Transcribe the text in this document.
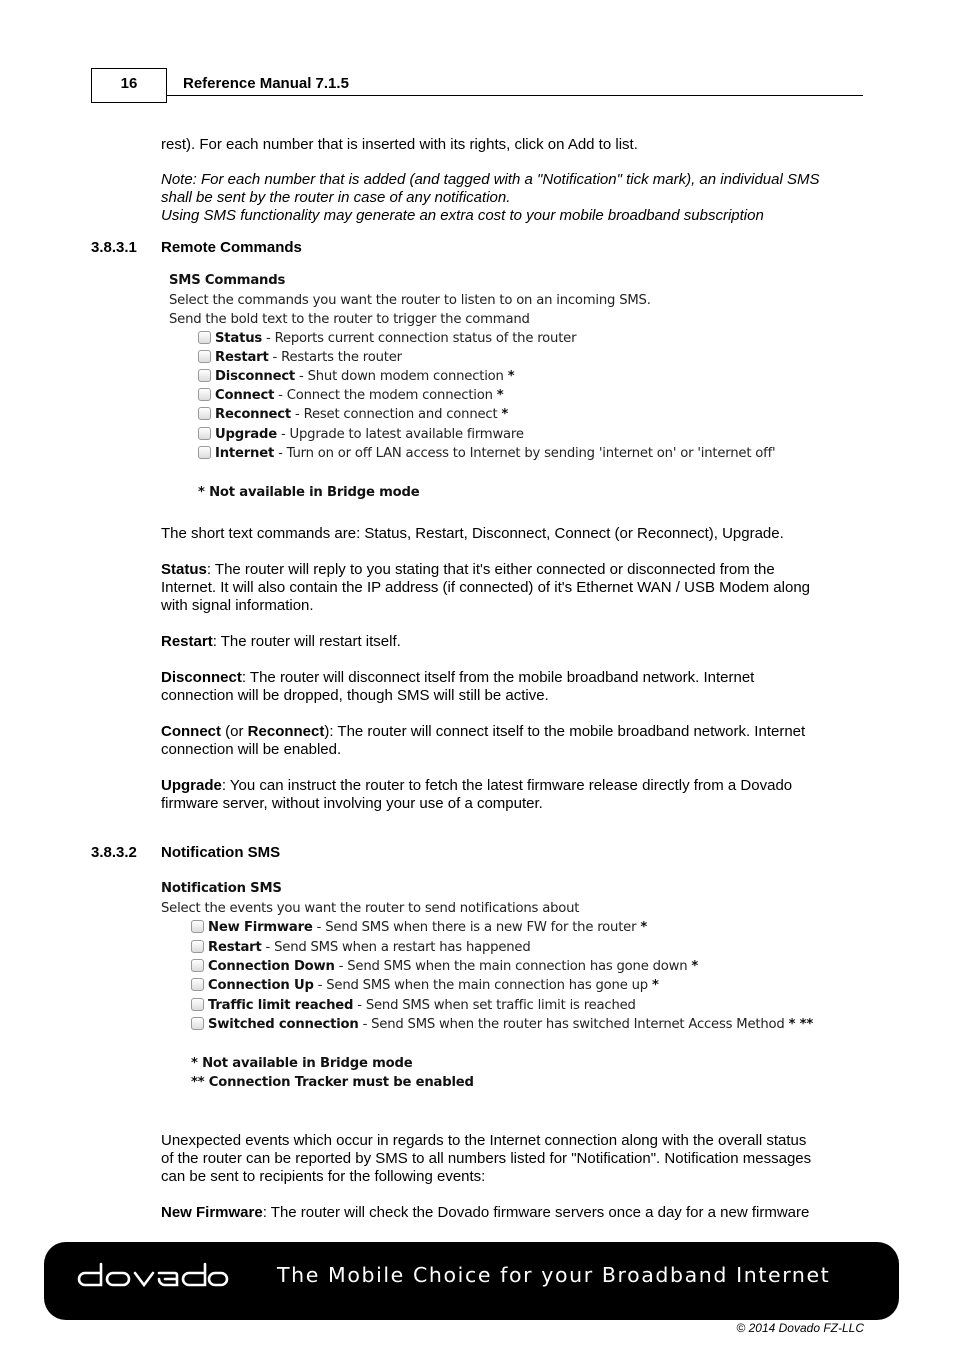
16	Reference Manual 7.1.5
rest). For each number that is inserted with its rights, click on Add to list.
Note: For each number that is added (and tagged with a "Notification" tick mark), an individual SMS
shall be sent by the router in case of any notification.
Using SMS functionality may generate an extra cost to your mobile broadband subscription
3.8.3.1 Remote Commands
SMS Commands
Select the commands you want the router to listen to on an incoming SMS.
Send the bold text to the router to trigger the command
Status - Reports current connection status of the router
Restart - Restarts the router
Disconnect - Shut down modem connection *
Connect - Connect the modem connection *
Reconnect - Reset connection and connect *
Upgrade - Upgrade to latest available firmware
Internet - Turn on or off LAN access to Internet by sending 'internet on' or 'internet off'
* Not available in Bridge mode
The short text commands are: Status, Restart, Disconnect, Connect (or Reconnect), Upgrade.
Status: The router will reply to you stating that it's either connected or disconnected from the
Internet. It will also contain the IP address (if connected) of it's Ethernet WAN / USB Modem along
with signal information.
Restart: The router will restart itself.
Disconnect: The router will disconnect itself from the mobile broadband network. Internet
connection will be dropped, though SMS will still be active.
Connect (or Reconnect): The router will connect itself to the mobile broadband network. Internet
connection will be enabled.
Upgrade: You can instruct the router to fetch the latest firmware release directly from a Dovado
firmware server, without involving your use of a computer.
3.8.3.2 Notification SMS
Notification SMS
Select the events you want the router to send notifications about
New Firmware - Send SMS when there is a new FW for the router *
Restart - Send SMS when a restart has happened
Connection Down - Send SMS when the main connection has gone down *
Connection Up - Send SMS when the main connection has gone up *
Traffic limit reached - Send SMS when set traffic limit is reached
Switched connection - Send SMS when the router has switched Internet Access Method * **
* Not available in Bridge mode
** Connection Tracker must be enabled
Unexpected events which occur in regards to the Internet connection along with the overall status
of the router can be reported by SMS to all numbers listed for "Notification". Notification messages
can be sent to recipients for the following events:
New Firmware: The router will check the Dovado firmware servers once a day for a new firmware
The Mobile Choice for your Broadband Internet
© 2014 Dovado FZ-LLC
